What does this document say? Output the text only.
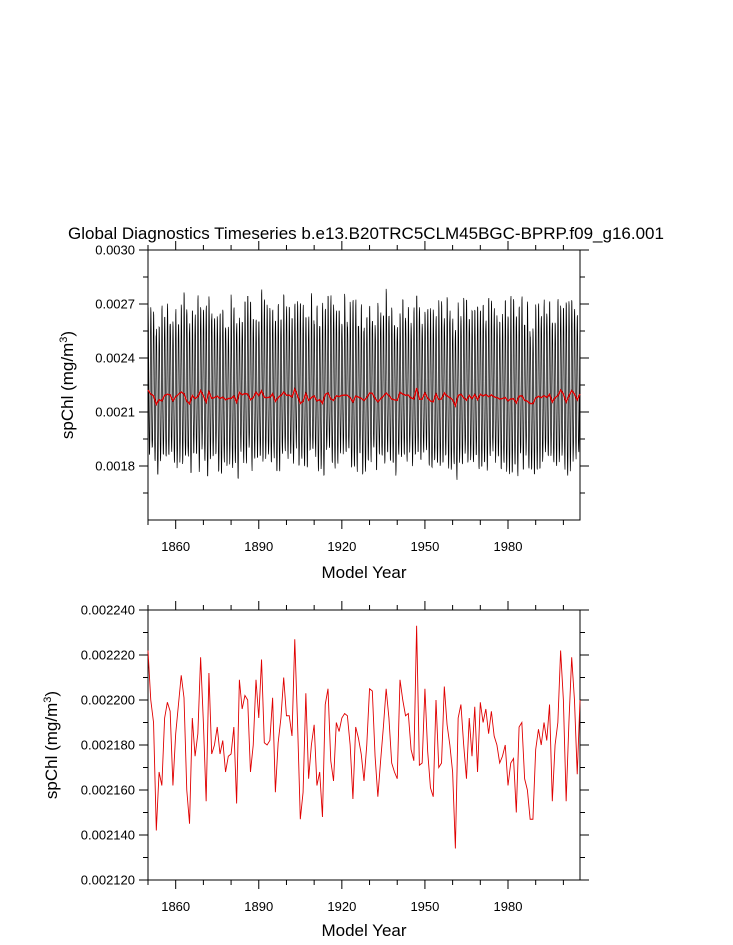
Global Diagnostics Timeseries b.e13.B20TRC5CLM45BGC-BPRP.f09_g16.001
1860	1890	1920	1950	1980
0.0018
0.0021
0.0024
0.0027
0.0030
Model Year
spChl $(mg/m^3)$
1860	1890	1920	1950	1980
0.002120
0.002140
0.002160
0.002180
0.002200
0.002220
0.002240
Model Year
spChl $(mg/m^3)$
